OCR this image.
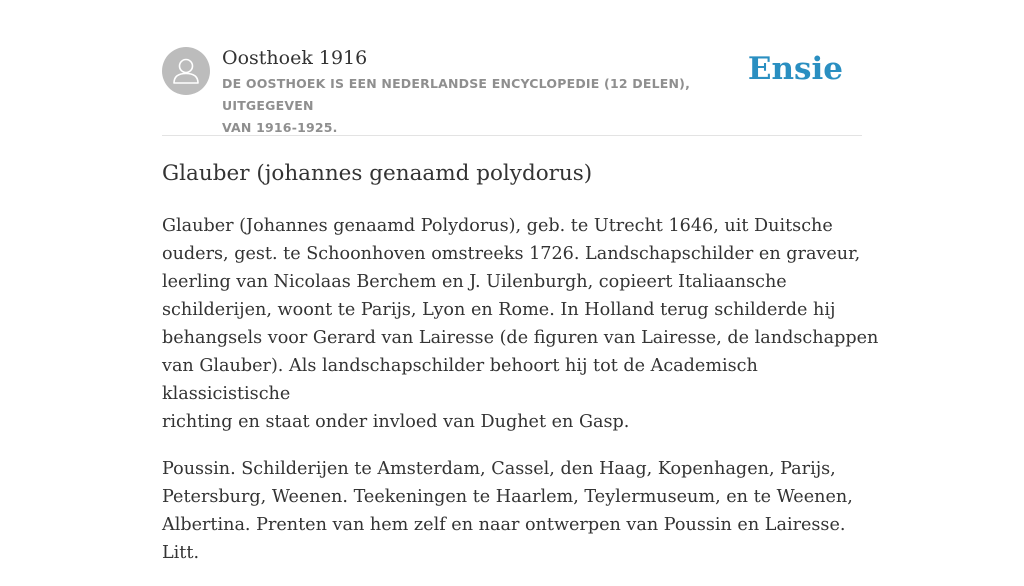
Oosthoek 1916
DE OOSTHOEK IS EEN NEDERLANDSE ENCYCLOPEDIE (12 DELEN), UITGEGEVEN
VAN 1916-1925.
Ensie
Glauber (johannes genaamd polydorus)

Glauber (Johannes genaamd Polydorus), geb. te Utrecht 1646, uit Duitsche
ouders, gest. te Schoonhoven omstreeks 1726. Landschapschilder en graveur,
leerling van Nicolaas Berchem en J. Uilenburgh, copieert Italiaansche
schilderijen, woont te Parijs, Lyon en Rome. In Holland terug schilderde hij
behangsels voor Gerard van Lairesse (de figuren van Lairesse, de landschappen
van Glauber). Als landschapschilder behoort hij tot de Academisch klassicistische
richting en staat onder invloed van Dughet en Gasp.

Poussin. Schilderijen te Amsterdam, Cassel, den Haag, Kopenhagen, Parijs,
Petersburg, Weenen. Teekeningen te Haarlem, Teylermuseum, en te Weenen,
Albertina. Prenten van hem zelf en naar ontwerpen van Poussin en Lairesse. Litt.
